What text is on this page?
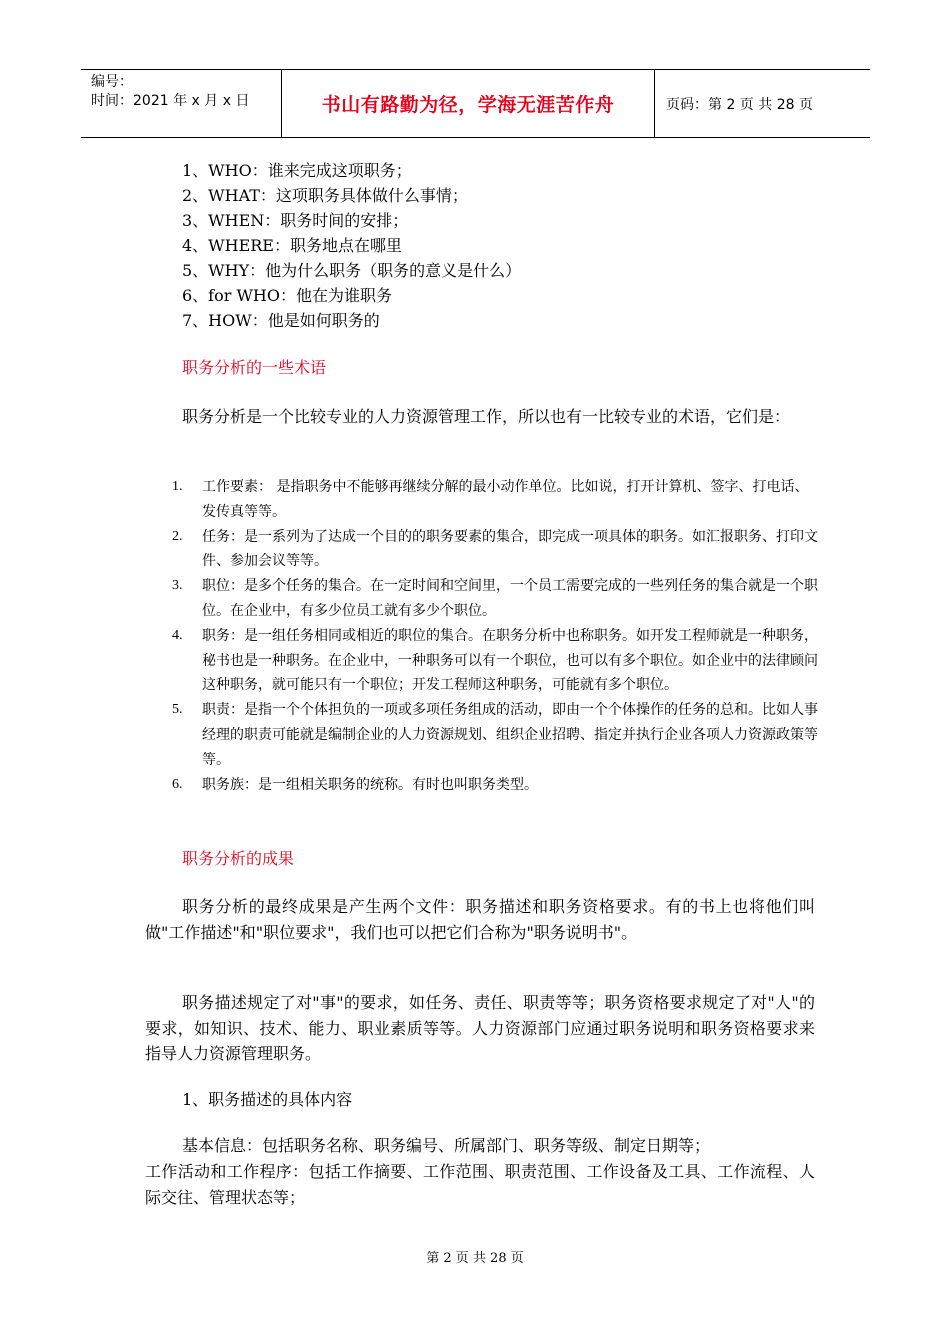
编号：
时间：2021 年 x 月 x 日	书山有路勤为径，学海无涯苦作舟	页码：第 2 页 共 28 页
1、WHO：谁来完成这项职务；
2、WHAT：这项职务具体做什么事情；
3、WHEN：职务时间的安排；
4、WHERE：职务地点在哪里
5、WHY：他为什么职务（职务的意义是什么）
6、for WHO：他在为谁职务
7、HOW：他是如何职务的
职务分析的一些术语
职务分析是一个比较专业的人力资源管理工作，所以也有一比较专业的术语，它们是：
1. 工作要素： 是指职务中不能够再继续分解的最小动作单位。比如说，打开计算机、签字、打电话、发传真等等。
2. 任务：是一系列为了达成一个目的的职务要素的集合，即完成一项具体的职务。如汇报职务、打印文件、参加会议等等。
3. 职位：是多个任务的集合。在一定时间和空间里，一个员工需要完成的一些列任务的集合就是一个职位。在企业中，有多少位员工就有多少个职位。
4. 职务：是一组任务相同或相近的职位的集合。在职务分析中也称职务。如开发工程师就是一种职务，秘书也是一种职务。在企业中，一种职务可以有一个职位，也可以有多个职位。如企业中的法律顾问这种职务，就可能只有一个职位；开发工程师这种职务，可能就有多个职位。
5. 职责：是指一个个体担负的一项或多项任务组成的活动，即由一个个体操作的任务的总和。比如人事经理的职责可能就是编制企业的人力资源规划、组织企业招聘、指定并执行企业各项人力资源政策等等。
6. 职务族：是一组相关职务的统称。有时也叫职务类型。
职务分析的成果
职务分析的最终成果是产生两个文件：职务描述和职务资格要求。有的书上也将他们叫做"工作描述"和"职位要求"，我们也可以把它们合称为"职务说明书"。
职务描述规定了对"事"的要求，如任务、责任、职责等等；职务资格要求规定了对"人"的要求，如知识、技术、能力、职业素质等等。人力资源部门应通过职务说明和职务资格要求来指导人力资源管理职务。
1、职务描述的具体内容
基本信息：包括职务名称、职务编号、所属部门、职务等级、制定日期等；
工作活动和工作程序：包括工作摘要、工作范围、职责范围、工作设备及工具、工作流程、人际交往、管理状态等；
第 2 页 共 28 页
